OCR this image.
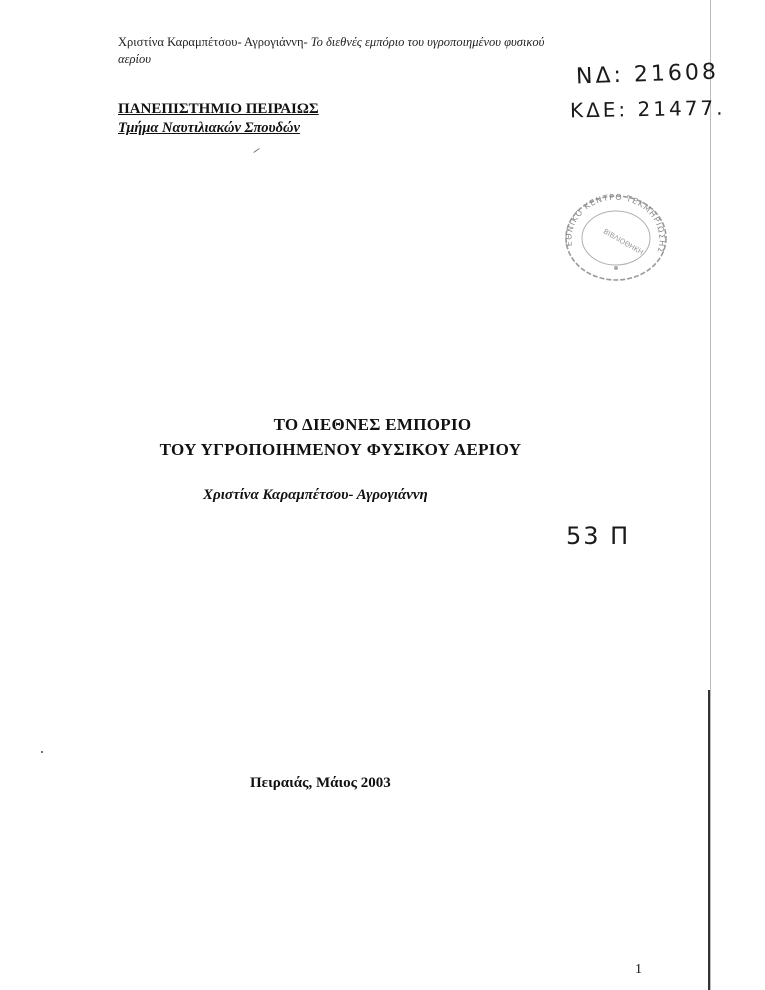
Χριστίνα Καραμπέτσου- Αγρογιάννη- Το διεθνές εμπόριο του υγροποιημένου φυσικού
αερίου
ΝΔ: 21608
ΚΔΕ: 21477.
ΠΑΝΕΠΙΣΤΗΜΙΟ ΠΕΙΡΑΙΩΣ
Τμήμα Ναυτιλιακών Σπουδών
ΕΘΝΙΚΟ ΚΕΝΤΡΟ ΤΕΚΜΗΡΙΩΣΗΣ
ΒΙΒΛΙΟΘΗΚΗ
ΤΟ ΔΙΕΘΝΕΣ ΕΜΠΟΡΙΟ
ΤΟΥ ΥΓΡΟΠΟΙΗΜΕΝΟΥ ΦΥΣΙΚΟΥ ΑΕΡΙΟΥ
Χριστίνα Καραμπέτσου- Αγρογιάννη
53 Π
Πειραιάς, Μάιος 2003
1
